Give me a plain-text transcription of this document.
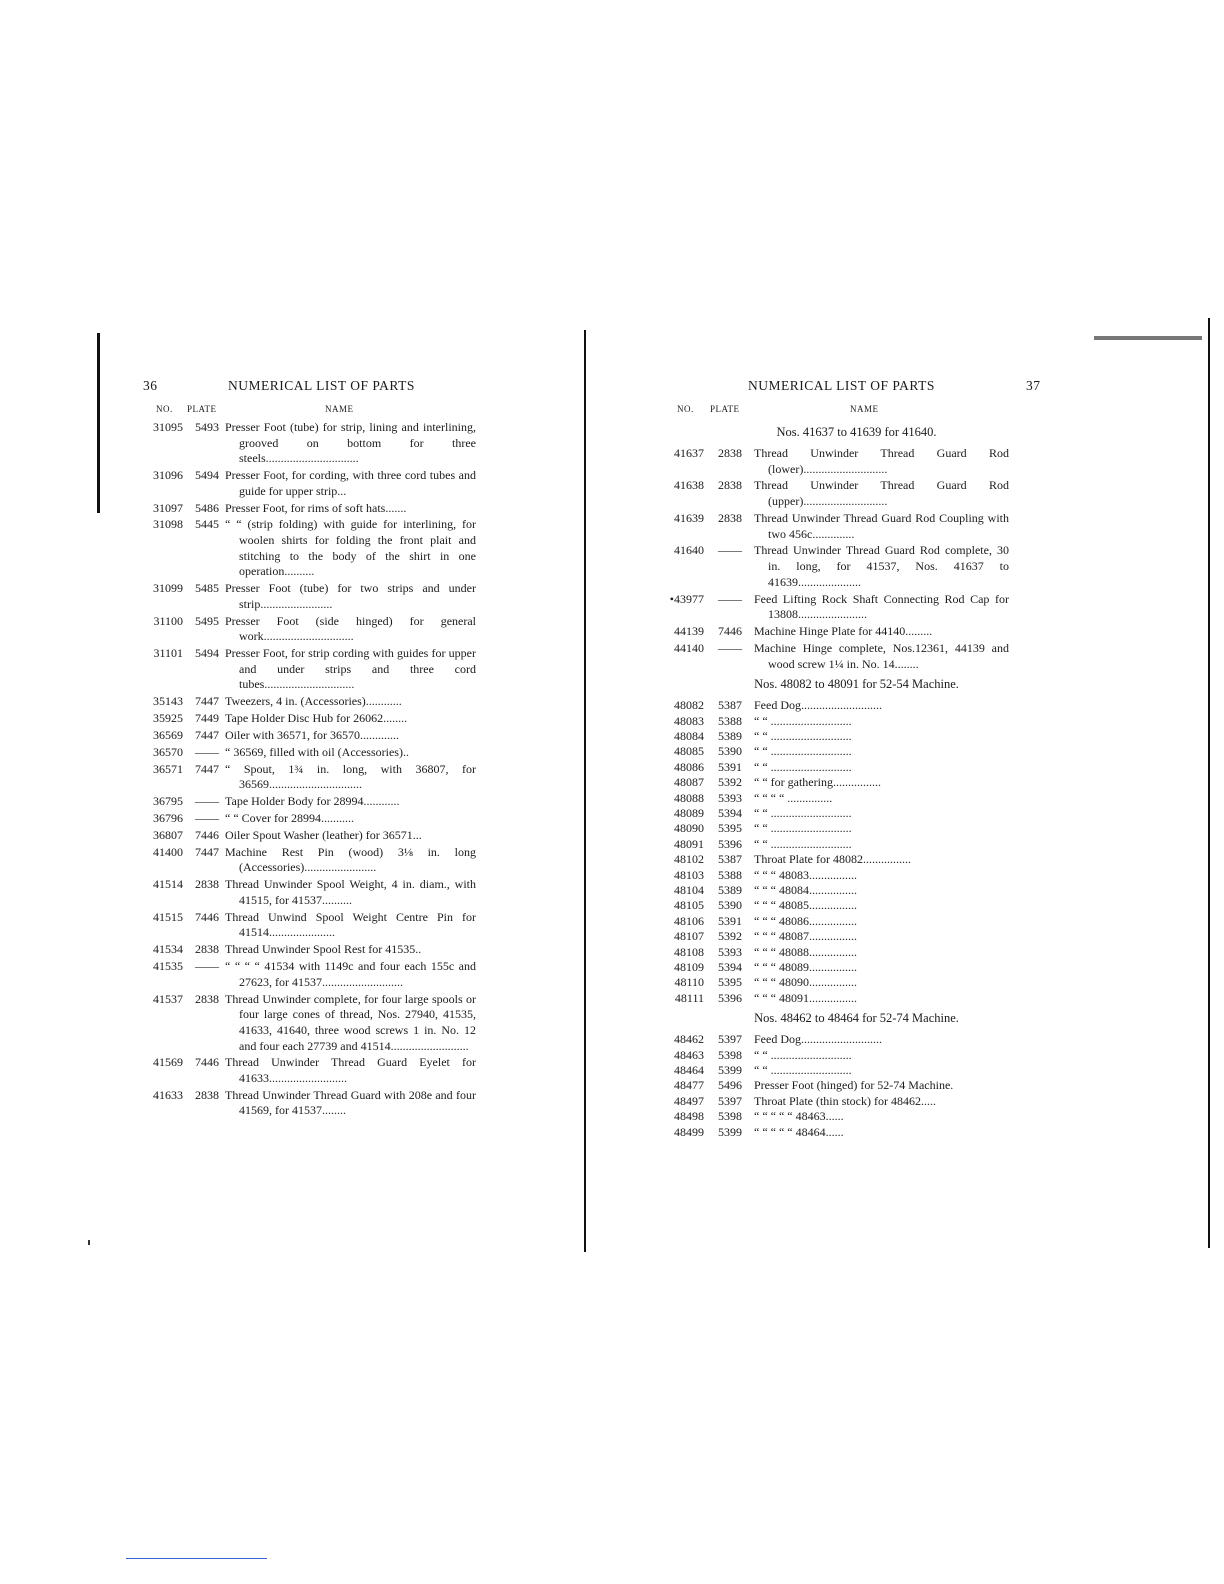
36	NUMERICAL LIST OF PARTS
NO. PLATE	NAME
31095	5493 Presser Foot (tube) for strip, lining and interlining, grooved on bottom for three steels...............................
31096	5494 Presser Foot, for cording, with three cord tubes and guide for upper strip...
31097	5486 Presser Foot, for rims of soft hats.......
31098	5445 “ “ (strip folding) with guide for interlining, for woolen shirts for folding the front plait and stitching to the body of the shirt in one operation..........
31099	5485 Presser Foot (tube) for two strips and under strip........................
31100	5495 Presser Foot (side hinged) for general work..............................
31101	5494 Presser Foot, for strip cording with guides for upper and under strips and three cord tubes..............................
35143	7447 Tweezers, 4 in. (Accessories)............
35925	7449 Tape Holder Disc Hub for 26062........
36569	7447 Oiler with 36571, for 36570.............
36570	—— “ 36569, filled with oil (Accessories)..
36571	7447 “ Spout, 1¾ in. long, with 36807, for 36569...............................
36795	—— Tape Holder Body for 28994............
36796	—— “ “ Cover for 28994...........
36807	7446 Oiler Spout Washer (leather) for 36571...
41400	7447 Machine Rest Pin (wood) 3⅛ in. long (Accessories)........................
41514	2838 Thread Unwinder Spool Weight, 4 in. diam., with 41515, for 41537..........
41515	7446 Thread Unwind Spool Weight Centre Pin for 41514......................
41534	2838 Thread Unwinder Spool Rest for 41535..
41535	—— “ “ “ “ 41534 with 1149c and four each 155c and 27623, for 41537...........................
41537	2838 Thread Unwinder complete, for four large spools or four large cones of thread, Nos. 27940, 41535, 41633, 41640, three wood screws 1 in. No. 12 and four each 27739 and 41514..........................
41569	7446 Thread Unwinder Thread Guard Eyelet for 41633..........................
41633	2838 Thread Unwinder Thread Guard with 208e and four 41569, for 41537........
NUMERICAL LIST OF PARTS	37
NO. PLATE	NAME
Nos. 41637 to 41639 for 41640.
41637	2838 Thread Unwinder Thread Guard Rod (lower)............................
41638	2838 Thread Unwinder Thread Guard Rod (upper)............................
41639	2838 Thread Unwinder Thread Guard Rod Coupling with two 456c..............
41640	—— Thread Unwinder Thread Guard Rod complete, 30 in. long, for 41537, Nos. 41637 to 41639.....................
•43977	—— Feed Lifting Rock Shaft Connecting Rod Cap for 13808.......................
44139	7446 Machine Hinge Plate for 44140.........
44140	—— Machine Hinge complete, Nos.12361, 44139 and wood screw 1¼ in. No. 14........
Nos. 48082 to 48091 for 52-54 Machine.
48082	5387 Feed Dog...........................
48083	5388 “ “ ...........................
48084	5389 “ “ ...........................
48085	5390 “ “ ...........................
48086	5391 “ “ ...........................
48087	5392 “ “ for gathering................
48088	5393 “ “ “ “ ...............
48089	5394 “ “ ...........................
48090	5395 “ “ ...........................
48091	5396 “ “ ...........................
48102	5387 Throat Plate for 48082................
48103	5388 “ “ “ 48083................
48104	5389 “ “ “ 48084................
48105	5390 “ “ “ 48085................
48106	5391 “ “ “ 48086................
48107	5392 “ “ “ 48087................
48108	5393 “ “ “ 48088................
48109	5394 “ “ “ 48089................
48110	5395 “ “ “ 48090................
48111	5396 “ “ “ 48091................
Nos. 48462 to 48464 for 52-74 Machine.
48462	5397 Feed Dog...........................
48463	5398 “ “ ...........................
48464	5399 “ “ ...........................
48477	5496 Presser Foot (hinged) for 52-74 Machine.
48497	5397 Throat Plate (thin stock) for 48462.....
48498	5398 “ “ “ “ “ 48463......
48499	5399 “ “ “ “ “ 48464......
